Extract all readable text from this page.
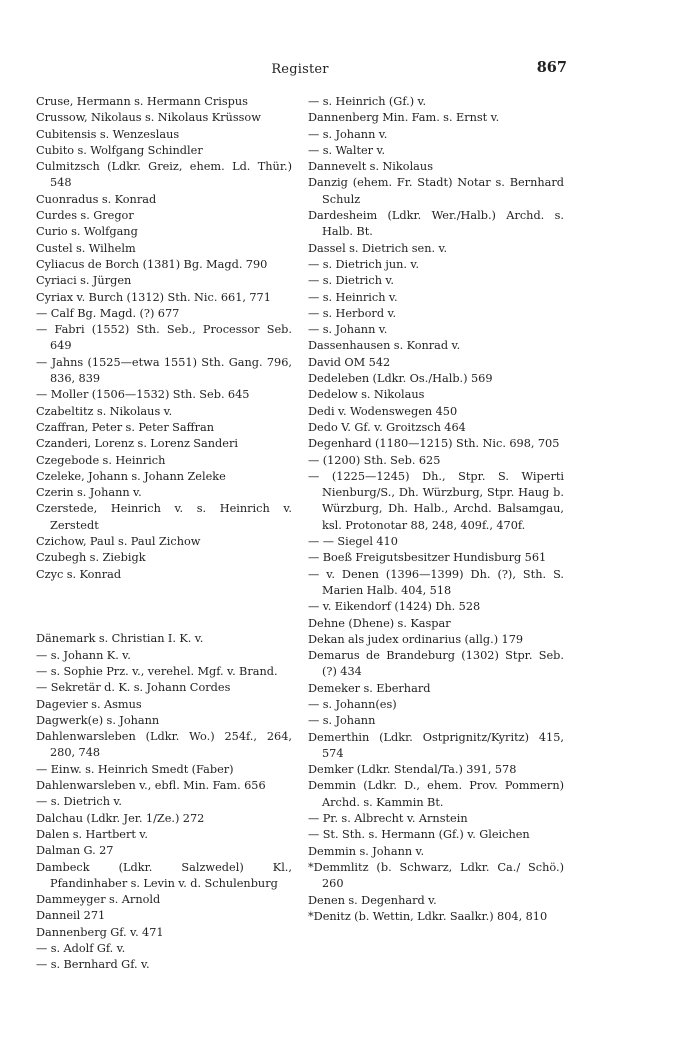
Register	867

Cruse, Hermann s. Hermann Crispus

Crussow, Nikolaus s. Nikolaus Krüssow

Cubitensis s. Wenzeslaus

Cubito s. Wolfgang Schindler

Culmitzsch (Ldkr. Greiz, ehem. Ld. Thür.) 548

Cuonradus s. Konrad

Curdes s. Gregor

Curio s. Wolfgang

Custel s. Wilhelm

Cyliacus de Borch (1381) Bg. Magd. 790

Cyriaci s. Jürgen

Cyriax v. Burch (1312) Sth. Nic. 661, 771

— Calf Bg. Magd. (?) 677

— Fabri (1552) Sth. Seb., Processor Seb. 649

— Jahns (1525—etwa 1551) Sth. Gang. 796, 836, 839

— Moller (1506—1532) Sth. Seb. 645

Czabeltitz s. Nikolaus v.

Czaffran, Peter s. Peter Saffran

Czanderi, Lorenz s. Lorenz Sanderi

Czegebode s. Heinrich

Czeleke, Johann s. Johann Zeleke

Czerin s. Johann v.

Czerstede, Heinrich v. s. Heinrich v. Zerstedt

Czichow, Paul s. Paul Zichow

Czubegh s. Ziebigk

Czyc s. Konrad

Dänemark s. Christian I. K. v.

— s. Johann K. v.

— s. Sophie Prz. v., verehel. Mgf. v. Brand.

— Sekretär d. K. s. Johann Cordes

Dagevier s. Asmus

Dagwerk(e) s. Johann

Dahlenwarsleben (Ldkr. Wo.) 254f., 264, 280, 748

— Einw. s. Heinrich Smedt (Faber)

Dahlenwarsleben v., ebfl. Min. Fam. 656

— s. Dietrich v.

Dalchau (Ldkr. Jer. 1/Ze.) 272

Dalen s. Hartbert v.

Dalman G. 27

Dambeck (Ldkr. Salzwedel) Kl., Pfandinhaber s. Levin v. d. Schulenburg

Dammeyger s. Arnold

Danneil 271

Dannenberg Gf. v. 471

— s. Adolf Gf. v.

— s. Bernhard Gf. v.

— s. Heinrich (Gf.) v.

Dannenberg Min. Fam. s. Ernst v.

— s. Johann v.

— s. Walter v.

Dannevelt s. Nikolaus

Danzig (ehem. Fr. Stadt) Notar s. Bernhard Schulz

Dardesheim (Ldkr. Wer./Halb.) Archd. s. Halb. Bt.

Dassel s. Dietrich sen. v.

— s. Dietrich jun. v.

— s. Dietrich v.

— s. Heinrich v.

— s. Herbord v.

— s. Johann v.

Dassenhausen s. Konrad v.

David OM 542

Dedeleben (Ldkr. Os./Halb.) 569

Dedelow s. Nikolaus

Dedi v. Wodenswegen 450

Dedo V. Gf. v. Groitzsch 464

Degenhard (1180—1215) Sth. Nic. 698, 705

— (1200) Sth. Seb. 625

— (1225—1245) Dh., Stpr. S. Wiperti Nienburg/S., Dh. Würzburg, Stpr. Haug b. Würzburg, Dh. Halb., Archd. Balsamgau, ksl. Protonotar 88, 248, 409f., 470f.

— — Siegel 410

— Boeß Freigutsbesitzer Hundisburg 561

— v. Denen (1396—1399) Dh. (?), Sth. S. Marien Halb. 404, 518

— v. Eikendorf (1424) Dh. 528

Dehne (Dhene) s. Kaspar

Dekan als judex ordinarius (allg.) 179

Demarus de Brandeburg (1302) Stpr. Seb. (?) 434

Demeker s. Eberhard

— s. Johann(es)

— s. Johann

Demerthin (Ldkr. Ostprignitz/Kyritz) 415, 574

Demker (Ldkr. Stendal/Ta.) 391, 578

Demmin (Ldkr. D., ehem. Prov. Pommern) Archd. s. Kammin Bt.

— Pr. s. Albrecht v. Arnstein

— St. Sth. s. Hermann (Gf.) v. Gleichen

Demmin s. Johann v.

*Demmlitz (b. Schwarz, Ldkr. Ca./ Schö.) 260

Denen s. Degenhard v.

*Denitz (b. Wettin, Ldkr. Saalkr.) 804, 810
